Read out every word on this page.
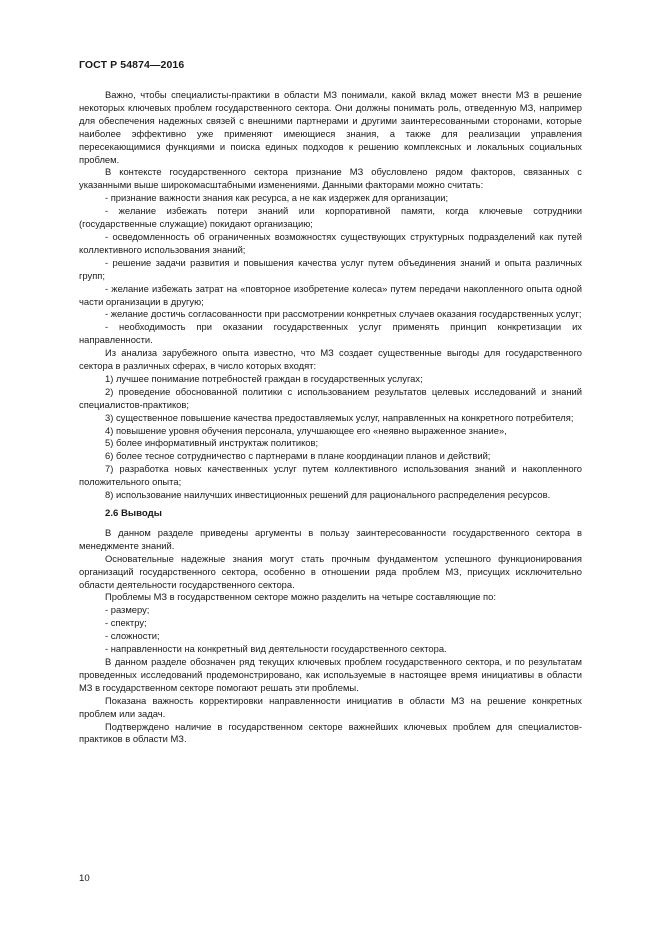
ГОСТ Р 54874—2016

Важно, чтобы специалисты-практики в области МЗ понимали, какой вклад может внести МЗ в решение некоторых ключевых проблем государственного сектора. Они должны понимать роль, отведенную МЗ, например для обеспечения надежных связей с внешними партнерами и другими заинтересованными сторонами, которые наиболее эффективно уже применяют имеющиеся знания, а также для реализации управления пересекающимися функциями и поиска единых подходов к решению комплексных и локальных социальных проблем.

В контексте государственного сектора признание МЗ обусловлено рядом факторов, связанных с указанными выше широкомасштабными изменениями. Данными факторами можно считать:

- признание важности знания как ресурса, а не как издержек для организации;

- желание избежать потери знаний или корпоративной памяти, когда ключевые сотрудники (государственные служащие) покидают организацию;

- осведомленность об ограниченных возможностях существующих структурных подразделений как путей коллективного использования знаний;

- решение задачи развития и повышения качества услуг путем объединения знаний и опыта различных групп;

- желание избежать затрат на «повторное изобретение колеса» путем передачи накопленного опыта одной части организации в другую;

- желание достичь согласованности при рассмотрении конкретных случаев оказания государственных услуг;

- необходимость при оказании государственных услуг применять принцип конкретизации их направленности.

Из анализа зарубежного опыта известно, что МЗ создает существенные выгоды для государственного сектора в различных сферах, в число которых входят:

1) лучшее понимание потребностей граждан в государственных услугах;

2) проведение обоснованной политики с использованием результатов целевых исследований и знаний специалистов-практиков;

3) существенное повышение качества предоставляемых услуг, направленных на конкретного потребителя;

4) повышение уровня обучения персонала, улучшающее его «неявно выраженное знание»,

5) более информативный инструктаж политиков;

6) более тесное сотрудничество с партнерами в плане координации планов и действий;

7) разработка новых качественных услуг путем коллективного использования знаний и накопленного положительного опыта;

8) использование наилучших инвестиционных решений для рационального распределения ресурсов.

2.6 Выводы

В данном разделе приведены аргументы в пользу заинтересованности государственного сектора в менеджменте знаний.

Основательные надежные знания могут стать прочным фундаментом успешного функционирования организаций государственного сектора, особенно в отношении ряда проблем МЗ, присущих исключительно области деятельности государственного сектора.

Проблемы МЗ в государственном секторе можно разделить на четыре составляющие по:

- размеру;

- спектру;

- сложности;

- направленности на конкретный вид деятельности государственного сектора.

В данном разделе обозначен ряд текущих ключевых проблем государственного сектора, и по результатам проведенных исследований продемонстрировано, как используемые в настоящее время инициативы в области МЗ в государственном секторе помогают решать эти проблемы.

Показана важность корректировки направленности инициатив в области МЗ на решение конкретных проблем или задач.

Подтверждено наличие в государственном секторе важнейших ключевых проблем для специалистов-практиков в области МЗ.

10
